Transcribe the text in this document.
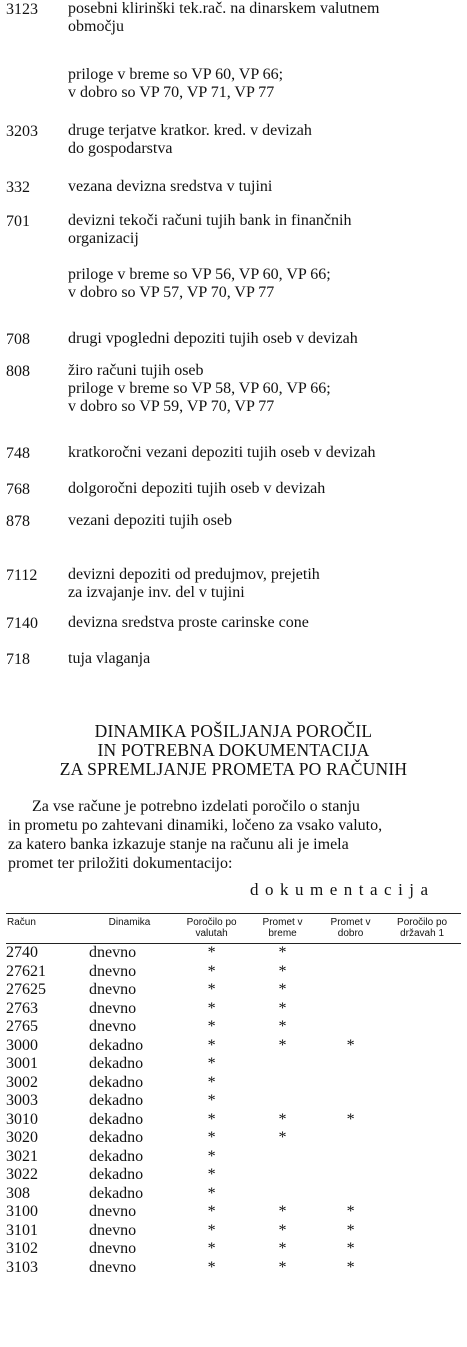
3123 posebni klirinški tek.rač. na dinarskem valutnem
območju
prilоge v breme so VP 60, VP 66;
v dobro so VP 70, VP 71, VP 77
3203 druge terjatve kratkor. kred. v devizah
do gospodarstva
332 vezana devizna sredstva v tujini
701 devizni tekoči računi tujih bank in finančnih
organizacij
priloge v breme so VP 56, VP 60, VP 66;
v dobro so VP 57, VP 70, VP 77
708 drugi vpogledni depoziti tujih oseb v devizah
808 žiro računi tujih oseb
priloge v breme so VP 58, VP 60, VP 66;
v dobro so VP 59, VP 70, VP 77
748 kratkoročni vezani depoziti tujih oseb v devizah
768 dolgoročni depoziti tujih oseb v devizah
878 vezani depoziti tujih oseb
7112 devizni depoziti od predujmov, prejetih
za izvajanje inv. del v tujini
7140 devizna sredstva proste carinske cone
718 tuja vlaganja
DINAMIKA POŠILJANJA POROČIL
IN POTREBNA DOKUMENTACIJA
ZA SPREMLJANJE PROMETA PO RAČUNIH
Za vse račune je potrebno izdelati poročilo o stanju
in prometu po zahtevani dinamiki, ločeno za vsako valuto,
za katero banka izkazuje stanje na računu ali je imela
promet ter priložiti dokumentacijo:
dokumentacija
Račun	Dinamika	Poročilo po valutah	Promet v breme	Promet v dobro	Poročilo po državah 1
2740	dnevno	*	*		
27621	dnevno	*	*		
27625	dnevno	*	*		
2763	dnevno	*	*		
2765	dnevno	*	*		
3000	dekadno	*	*	*	
3001	dekadno	*			
3002	dekadno	*			
3003	dekadno	*			
3010	dekadno	*	*	*	
3020	dekadno	*	*		
3021	dekadno	*			
3022	dekadno	*			
308	dekadno	*			
3100	dnevno	*	*	*	
3101	dnevno	*	*	*	
3102	dnevno	*	*	*	
3103	dnevno	*	*	*	
